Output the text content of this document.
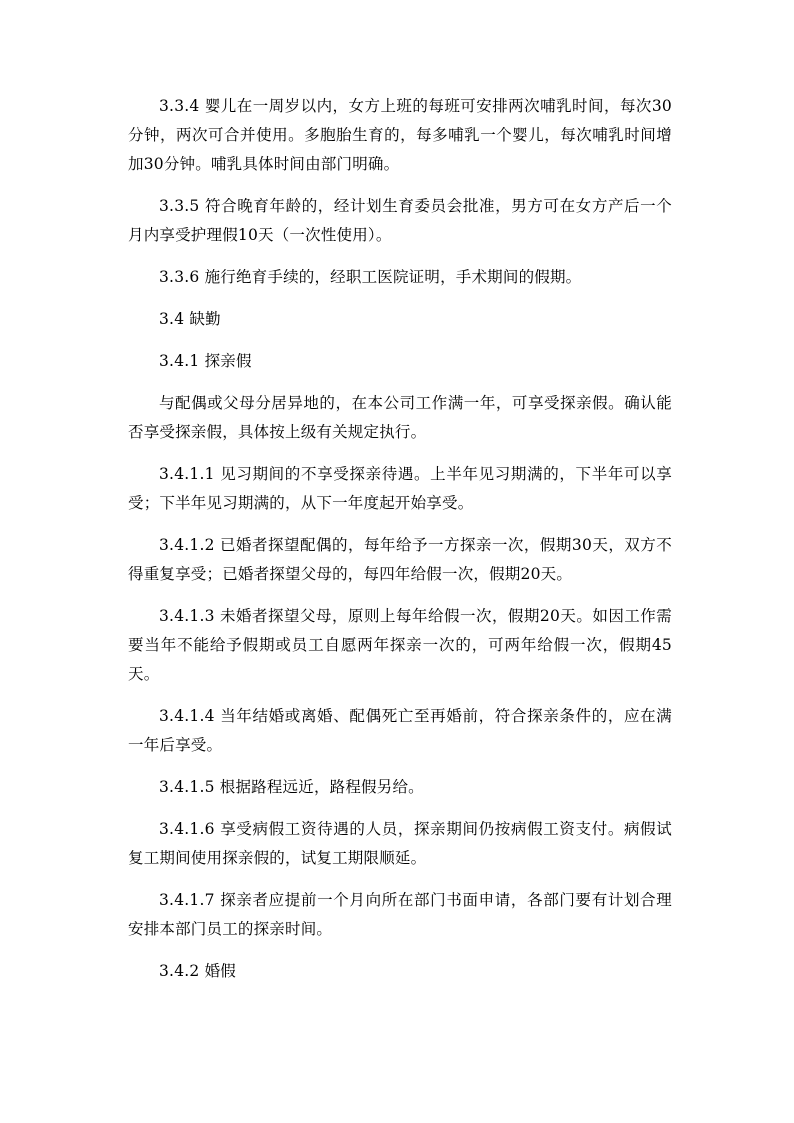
3.3.4 婴儿在一周岁以内，女方上班的每班可安排两次哺乳时间，每次30分钟，两次可合并使用。多胞胎生育的，每多哺乳一个婴儿，每次哺乳时间增加30分钟。哺乳具体时间由部门明确。

3.3.5 符合晚育年龄的，经计划生育委员会批准，男方可在女方产后一个月内享受护理假10天（一次性使用）。

3.3.6 施行绝育手续的，经职工医院证明，手术期间的假期。

3.4 缺勤

3.4.1 探亲假

与配偶或父母分居异地的，在本公司工作满一年，可享受探亲假。确认能否享受探亲假，具体按上级有关规定执行。

3.4.1.1 见习期间的不享受探亲待遇。上半年见习期满的，下半年可以享受；下半年见习期满的，从下一年度起开始享受。

3.4.1.2 已婚者探望配偶的，每年给予一方探亲一次，假期30天，双方不得重复享受；已婚者探望父母的，每四年给假一次，假期20天。

3.4.1.3 未婚者探望父母，原则上每年给假一次，假期20天。如因工作需要当年不能给予假期或员工自愿两年探亲一次的，可两年给假一次，假期45天。

3.4.1.4 当年结婚或离婚、配偶死亡至再婚前，符合探亲条件的，应在满一年后享受。

3.4.1.5 根据路程远近，路程假另给。

3.4.1.6 享受病假工资待遇的人员，探亲期间仍按病假工资支付。病假试复工期间使用探亲假的，试复工期限顺延。

3.4.1.7 探亲者应提前一个月向所在部门书面申请，各部门要有计划合理安排本部门员工的探亲时间。

3.4.2 婚假
